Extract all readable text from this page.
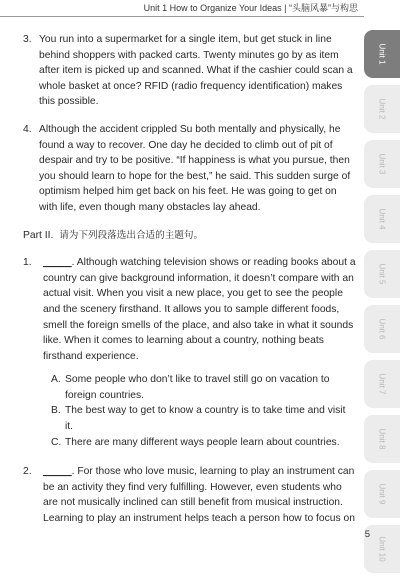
Unit 1 How to Organize Your Ideas | “头脑风暴”与构思
3. You run into a supermarket for a single item, but get stuck in line behind shoppers with packed carts. Twenty minutes go by as item after item is picked up and scanned. What if the cashier could scan a whole basket at once? RFID (radio frequency identification) makes this possible.
4. Although the accident crippled Su both mentally and physically, he found a way to recover. One day he decided to climb out of pit of despair and try to be positive. “If happiness is what you pursue, then you should learn to hope for the best,” he said. This sudden surge of optimism helped him get back on his feet. He was going to get on with life, even though many obstacles lay ahead.
Part II. 请为下列段落选出合适的主题句。
1.	_____. Although watching television shows or reading books about a country can give background information, it doesn’t compare with an actual visit. When you visit a new place, you get to see the people and the scenery firsthand. It allows you to sample different foods, smell the foreign smells of the place, and also take in what it sounds like. When it comes to learning about a country, nothing beats firsthand experience.
A. Some people who don’t like to travel still go on vacation to foreign countries.
B. The best way to get to know a country is to take time and visit it.
C. There are many different ways people learn about countries.
2.	_____. For those who love music, learning to play an instrument can be an activity they find very fulfilling. However, even students who are not musically inclined can still benefit from musical instruction. Learning to play an instrument helps teach a person how to focus on
Unit 1
Unit 2
Unit 3
Unit 4
Unit 5
Unit 6
Unit 7
Unit 8
Unit 9
Unit 10
5
